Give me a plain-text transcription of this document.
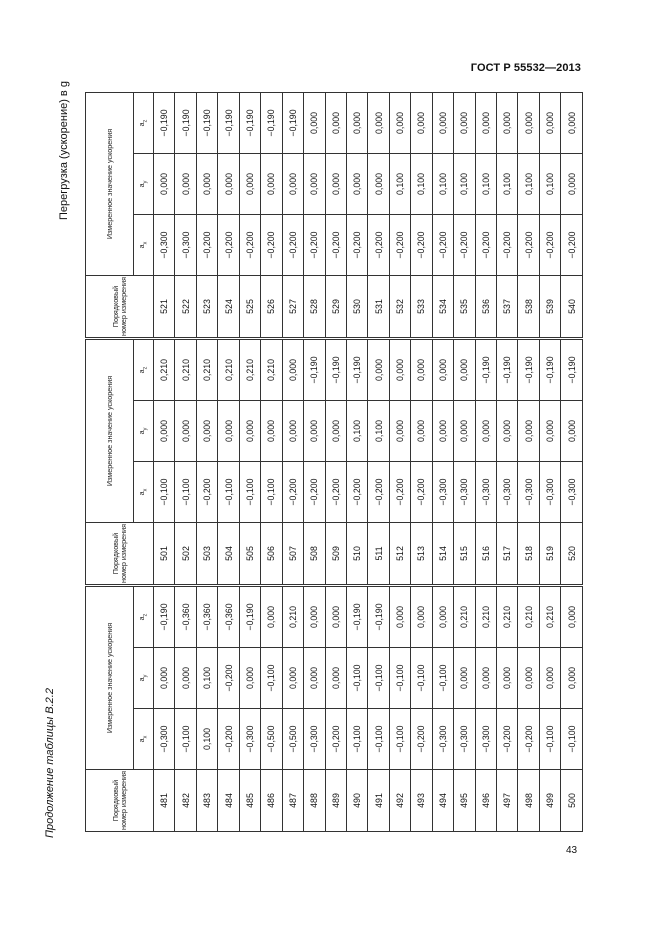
ГОСТ Р 55532—2013
Продолжение таблицы В.2.2
Перегрузка (ускорение) в g
Порядковый номер измерения	Измеренное значение ускорения		
	$a_x$	$a_y$	$a_z$
481	−0,300	0,000	−0,190
482	−0,100	0,000	−0,360
483	0,100	0,100	−0,360
484	−0,200	−0,200	−0,360
485	−0,300	0,000	−0,190
486	−0,500	−0,100	0,000
487	−0,500	0,000	0,210
488	−0,300	0,000	0,000
489	−0,200	0,000	0,000
490	−0,100	−0,100	−0,190
491	−0,100	−0,100	−0,190
492	−0,100	−0,100	0,000
493	−0,200	−0,100	0,000
494	−0,300	−0,100	0,000
495	−0,300	0,000	0,210
496	−0,300	0,000	0,210
497	−0,200	0,000	0,210
498	−0,200	0,000	0,210
499	−0,100	0,000	0,210
500	−0,100	0,000	0,000
Порядковый номер измерения	Измеренное значение ускорения		
	$a_x$	$a_y$	$a_z$
501	−0,100	0,000	0,210
502	−0,100	0,000	0,210
503	−0,200	0,000	0,210
504	−0,100	0,000	0,210
505	−0,100	0,000	0,210
506	−0,100	0,000	0,210
507	−0,200	0,000	0,000
508	−0,200	0,000	−0,190
509	−0,200	0,000	−0,190
510	−0,200	0,100	−0,190
511	−0,200	0,100	0,000
512	−0,200	0,000	0,000
513	−0,200	0,000	0,000
514	−0,300	0,000	0,000
515	−0,300	0,000	0,000
516	−0,300	0,000	−0,190
517	−0,300	0,000	−0,190
518	−0,300	0,000	−0,190
519	−0,300	0,000	−0,190
520	−0,300	0,000	−0,190
Порядковый номер измерения	Измеренное значение ускорения		
	$a_x$	$a_y$	$a_z$
521	−0,300	0,000	−0,190
522	−0,300	0,000	−0,190
523	−0,200	0,000	−0,190
524	−0,200	0,000	−0,190
525	−0,200	0,000	−0,190
526	−0,200	0,000	−0,190
527	−0,200	0,000	−0,190
528	−0,200	0,000	0,000
529	−0,200	0,000	0,000
530	−0,200	0,000	0,000
531	−0,200	0,000	0,000
532	−0,200	0,100	0,000
533	−0,200	0,100	0,000
534	−0,200	0,100	0,000
535	−0,200	0,100	0,000
536	−0,200	0,100	0,000
537	−0,200	0,100	0,000
538	−0,200	0,100	0,000
539	−0,200	0,100	0,000
540	−0,200	0,000	0,000
43
